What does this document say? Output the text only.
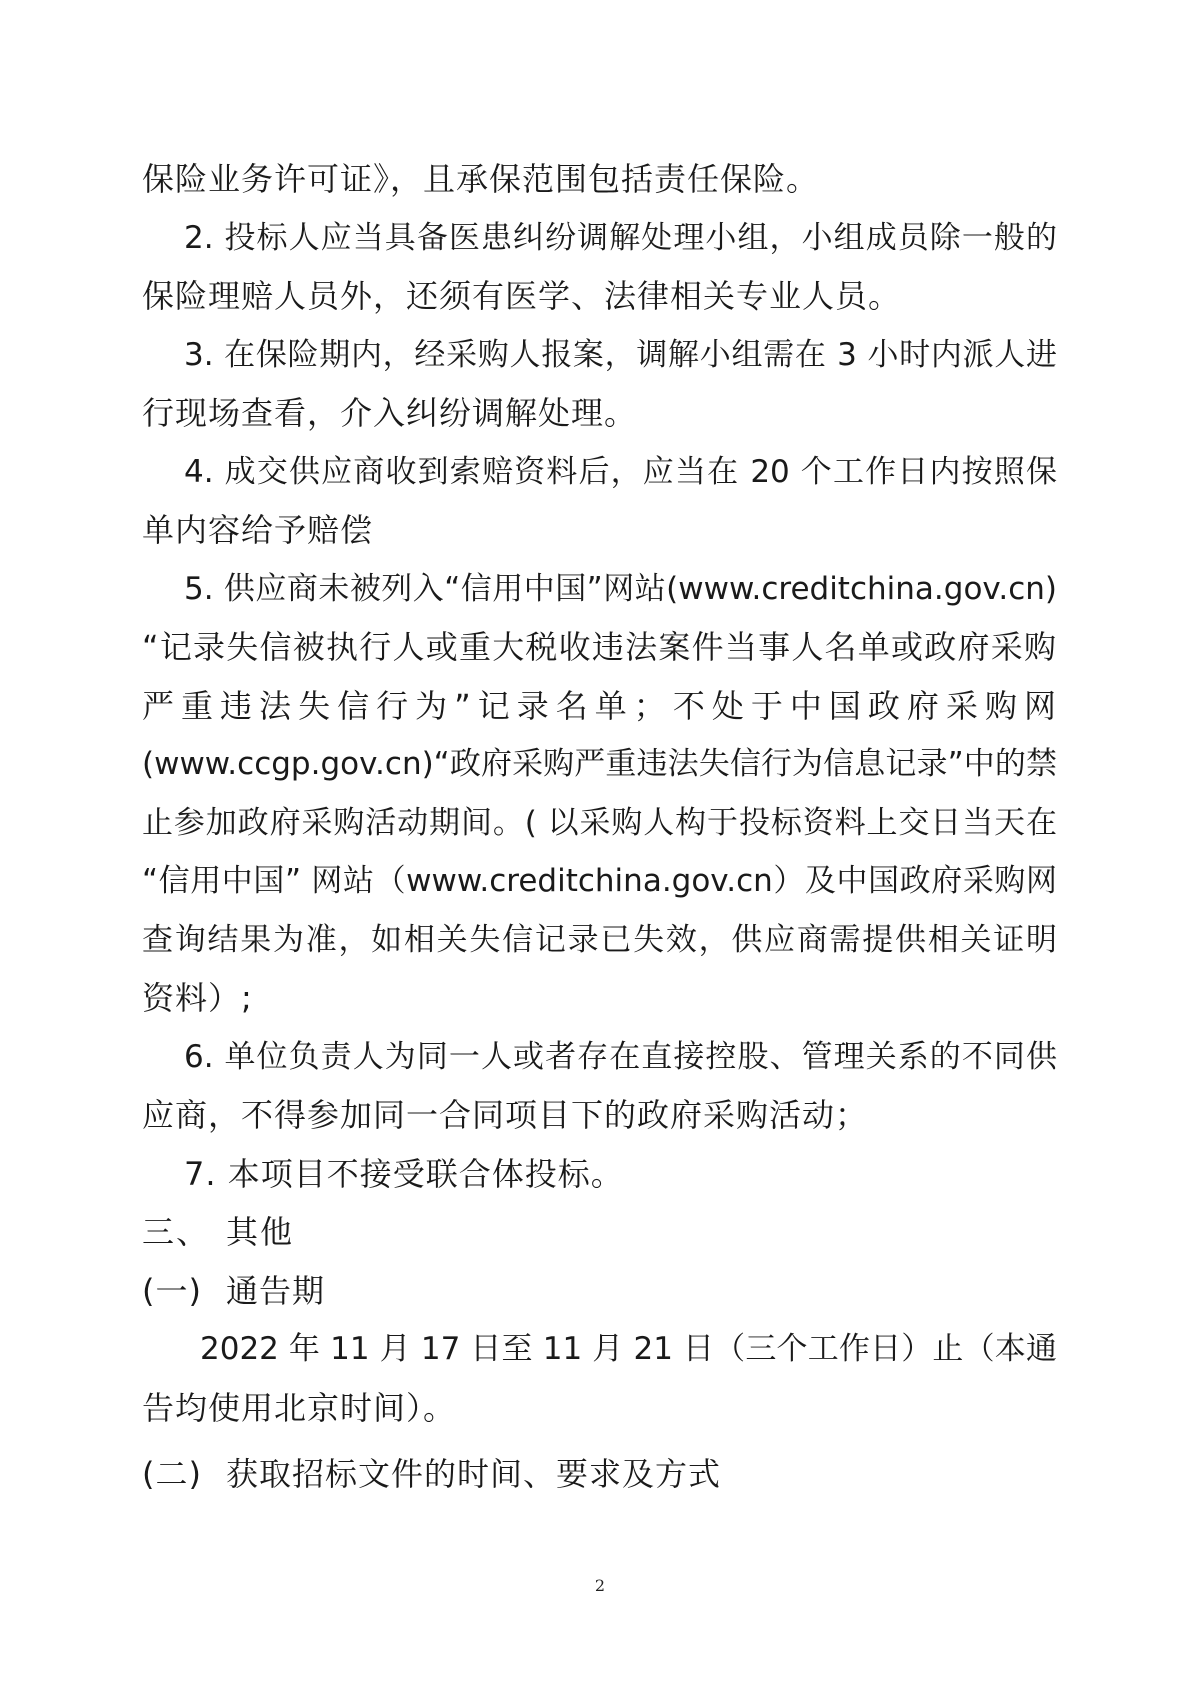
保险业务许可证》，且承保范围包括责任保险。
2. 投标人应当具备医患纠纷调解处理小组，小组成员除一般的
保险理赔人员外，还须有医学、法律相关专业人员。
3. 在保险期内，经采购人报案，调解小组需在 3 小时内派人进
行现场查看，介入纠纷调解处理。
4. 成交供应商收到索赔资料后，应当在 20 个工作日内按照保
单内容给予赔偿
5. 供应商未被列入“信用中国”网站(www.creditchina.gov.cn)
“记录失信被执行人或重大税收违法案件当事人名单或政府采购
严重违法失信行为”记录名单；不处于中国政府采购网
(www.ccgp.gov.cn)“政府采购严重违法失信行为信息记录”中的禁
止参加政府采购活动期间。( 以采购人构于投标资料上交日当天在
“信用中国” 网站（www.creditchina.gov.cn）及中国政府采购网
查询结果为准，如相关失信记录已失效，供应商需提供相关证明
资料）;
6. 单位负责人为同一人或者存在直接控股、管理关系的不同供
应商，不得参加同一合同项目下的政府采购活动；
7. 本项目不接受联合体投标。
三、 其他
(一) 通告期
2022 年 11 月 17 日至 11 月 21 日（三个工作日）止（本通
告均使用北京时间）。
(二) 获取招标文件的时间、要求及方式
2
